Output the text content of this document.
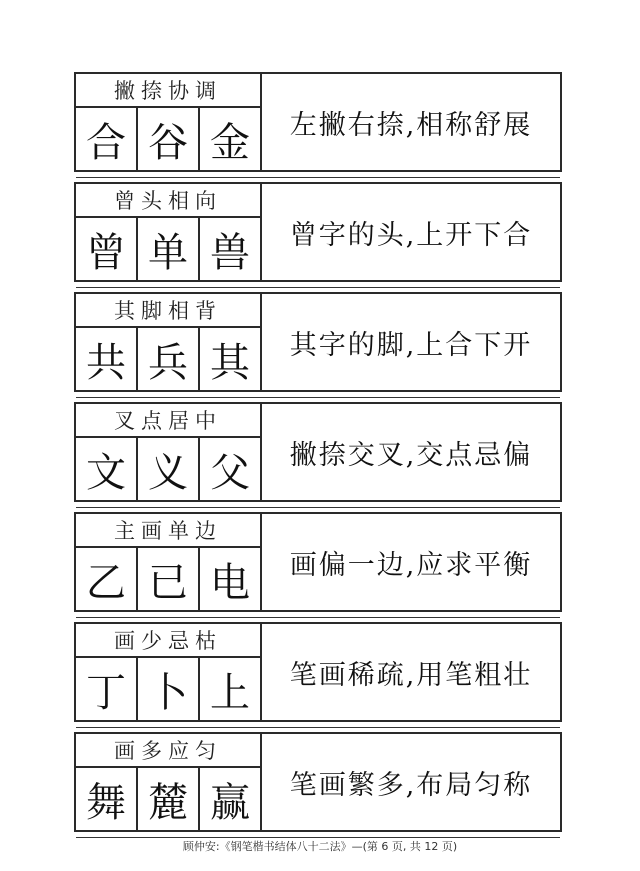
撇捺协调
合 谷 金	左撇右捺,相称舒展
曾头相向
曾 单 兽	曾字的头,上开下合
其脚相背
共 兵 其	其字的脚,上合下开
叉点居中
文 义 父	撇捺交叉,交点忌偏
主画单边
乙 已 电	画偏一边,应求平衡
画少忌枯
丁 卜 上	笔画稀疏,用笔粗壮
画多应匀
舞 麓 赢	笔画繁多,布局匀称
顾仲安:《钢笔楷书结体八十二法》—(第 6 页, 共 12 页)
